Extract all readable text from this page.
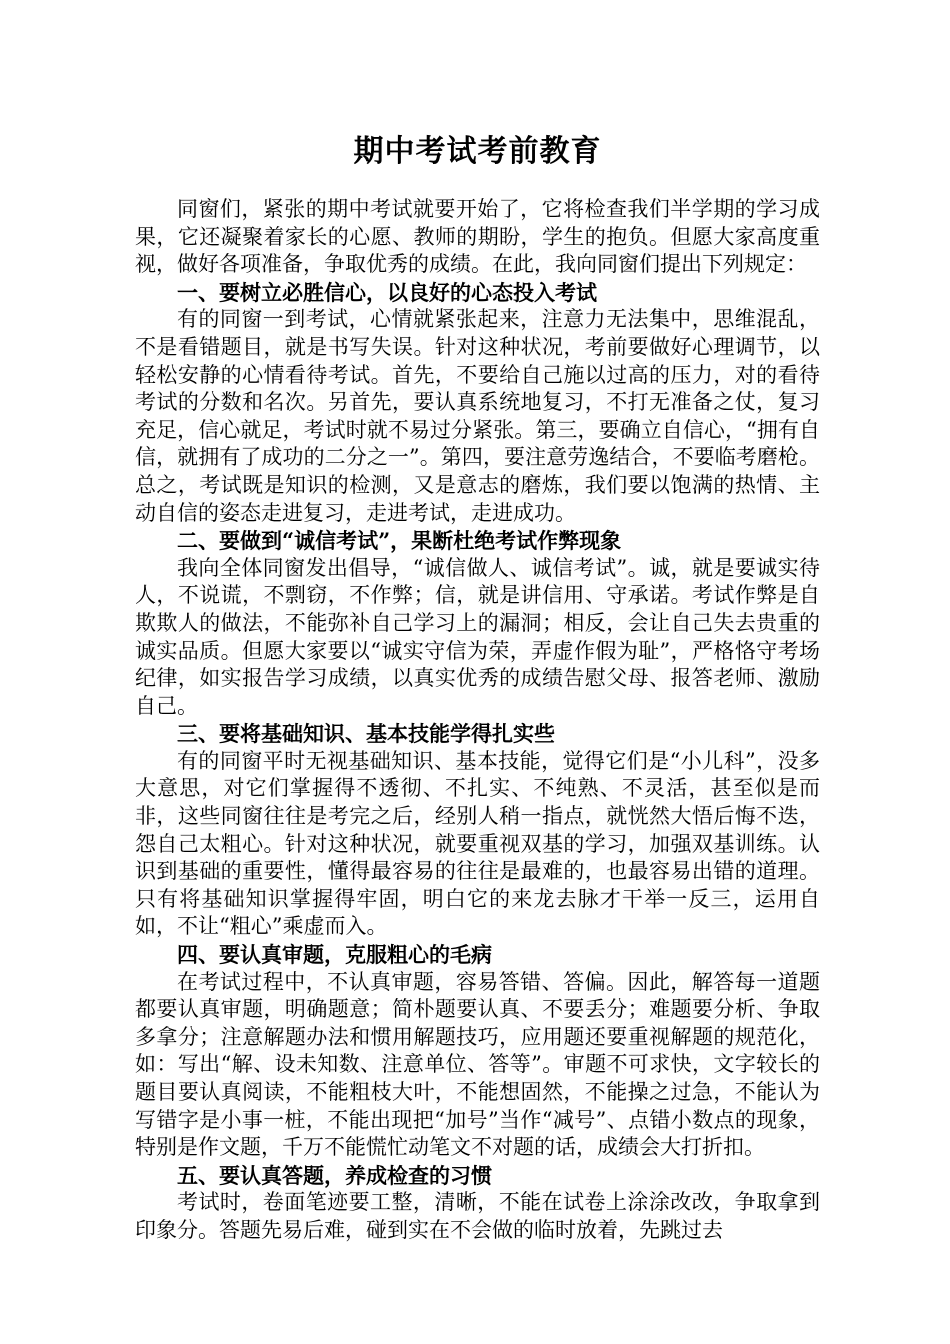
期中考试考前教育

同窗们，紧张的期中考试就要开始了，它将检查我们半学期的学习成果，它还凝聚着家长的心愿、教师的期盼，学生的抱负。但愿大家高度重视，做好各项准备，争取优秀的成绩。在此，我向同窗们提出下列规定：

一、要树立必胜信心，以良好的心态投入考试

有的同窗一到考试，心情就紧张起来，注意力无法集中，思维混乱，不是看错题目，就是书写失误。针对这种状况，考前要做好心理调节，以轻松安静的心情看待考试。首先，不要给自己施以过高的压力，对的看待考试的分数和名次。另首先，要认真系统地复习，不打无准备之仗，复习充足，信心就足，考试时就不易过分紧张。第三，要确立自信心，“拥有自信，就拥有了成功的二分之一”。第四，要注意劳逸结合，不要临考磨枪。总之，考试既是知识的检测，又是意志的磨炼，我们要以饱满的热情、主动自信的姿态走进复习，走进考试，走进成功。

二、要做到“诚信考试”，果断杜绝考试作弊现象

我向全体同窗发出倡导，“诚信做人、诚信考试”。诚，就是要诚实待人，不说谎，不剽窃，不作弊；信，就是讲信用、守承诺。考试作弊是自欺欺人的做法，不能弥补自己学习上的漏洞；相反，会让自己失去贵重的诚实品质。但愿大家要以“诚实守信为荣，弄虚作假为耻”，严格恪守考场纪律，如实报告学习成绩，以真实优秀的成绩告慰父母、报答老师、激励自己。

三、要将基础知识、基本技能学得扎实些

有的同窗平时无视基础知识、基本技能，觉得它们是“小儿科”，没多大意思，对它们掌握得不透彻、不扎实、不纯熟、不灵活，甚至似是而非，这些同窗往往是考完之后，经别人稍一指点，就恍然大悟后悔不迭，怨自己太粗心。针对这种状况，就要重视双基的学习，加强双基训练。认识到基础的重要性，懂得最容易的往往是最难的，也最容易出错的道理。只有将基础知识掌握得牢固，明白它的来龙去脉才干举一反三，运用自如，不让“粗心”乘虚而入。

四、要认真审题，克服粗心的毛病

在考试过程中，不认真审题，容易答错、答偏。因此，解答每一道题都要认真审题，明确题意；简朴题要认真、不要丢分；难题要分析、争取多拿分；注意解题办法和惯用解题技巧，应用题还要重视解题的规范化，如：写出“解、设未知数、注意单位、答等”。审题不可求快，文字较长的题目要认真阅读，不能粗枝大叶，不能想固然，不能操之过急，不能认为写错字是小事一桩，不能出现把“加号”当作“减号”、点错小数点的现象，特别是作文题，千万不能慌忙动笔文不对题的话，成绩会大打折扣。

五、要认真答题，养成检查的习惯

考试时，卷面笔迹要工整，清晰，不能在试卷上涂涂改改，争取拿到印象分。答题先易后难，碰到实在不会做的临时放着，先跳过去
